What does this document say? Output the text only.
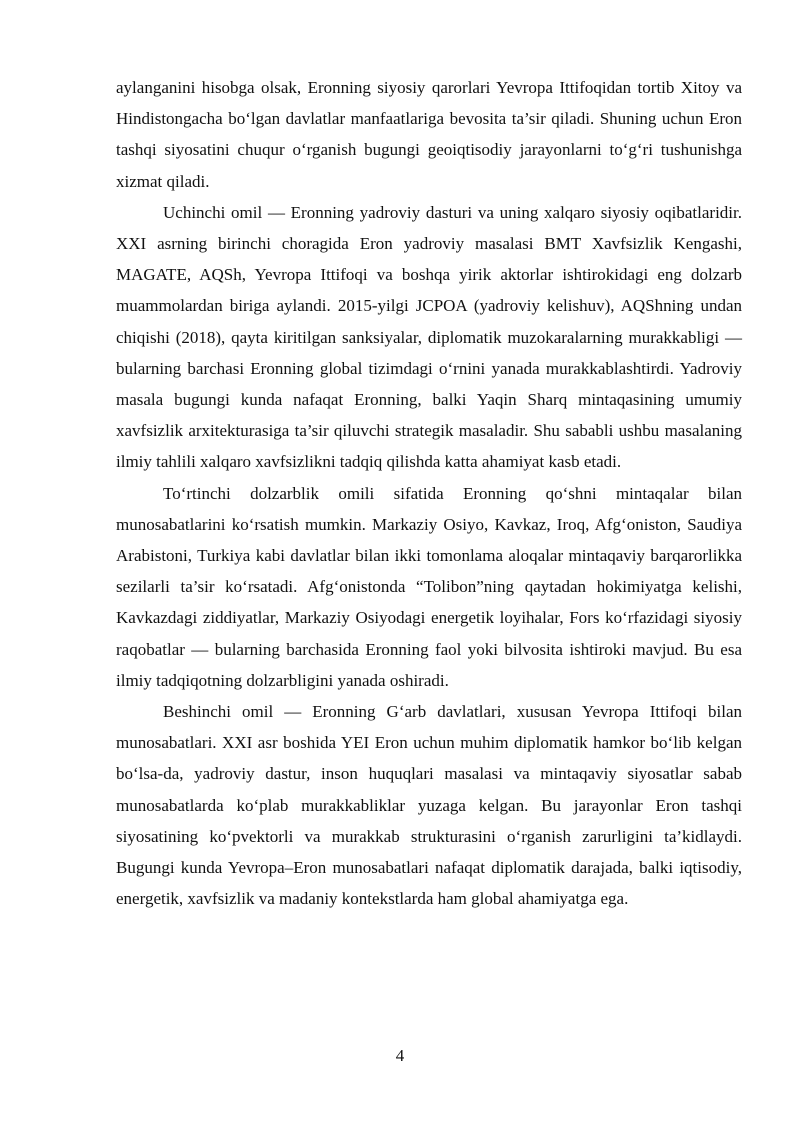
aylanganini hisobga olsak, Eronning siyosiy qarorlari Yevropa Ittifoqidan tortib Xitoy va Hindistongacha bo‘lgan davlatlar manfaatlariga bevosita ta’sir qiladi. Shuning uchun Eron tashqi siyosatini chuqur o‘rganish bugungi geoiqtisodiy jarayonlarni to‘g‘ri tushunishga xizmat qiladi.

Uchinchi omil — Eronning yadroviy dasturi va uning xalqaro siyosiy oqibatlaridir. XXI asrning birinchi choragida Eron yadroviy masalasi BMT Xavfsizlik Kengashi, MAGATE, AQSh, Yevropa Ittifoqi va boshqa yirik aktorlar ishtirokidagi eng dolzarb muammolardan biriga aylandi. 2015-yilgi JCPOA (yadroviy kelishuv), AQShning undan chiqishi (2018), qayta kiritilgan sanksiyalar, diplomatik muzokaralarning murakkabligi — bularning barchasi Eronning global tizimdagi o‘rnini yanada murakkablashtirdi. Yadroviy masala bugungi kunda nafaqat Eronning, balki Yaqin Sharq mintaqasining umumiy xavfsizlik arxitekturasiga ta’sir qiluvchi strategik masaladir. Shu sababli ushbu masalaning ilmiy tahlili xalqaro xavfsizlikni tadqiq qilishda katta ahamiyat kasb etadi.

To‘rtinchi dolzarblik omili sifatida Eronning qo‘shni mintaqalar bilan munosabatlarini ko‘rsatish mumkin. Markaziy Osiyo, Kavkaz, Iroq, Afg‘oniston, Saudiya Arabistoni, Turkiya kabi davlatlar bilan ikki tomonlama aloqalar mintaqaviy barqarorlikka sezilarli ta’sir ko‘rsatadi. Afg‘onistonda “Tolibon”ning qaytadan hokimiyatga kelishi, Kavkazdagi ziddiyatlar, Markaziy Osiyodagi energetik loyihalar, Fors ko‘rfazidagi siyosiy raqobatlar — bularning barchasida Eronning faol yoki bilvosita ishtiroki mavjud. Bu esa ilmiy tadqiqotning dolzarbligini yanada oshiradi.

Beshinchi omil — Eronning G‘arb davlatlari, xususan Yevropa Ittifoqi bilan munosabatlari. XXI asr boshida YEI Eron uchun muhim diplomatik hamkor bo‘lib kelgan bo‘lsa-da, yadroviy dastur, inson huquqlari masalasi va mintaqaviy siyosatlar sabab munosabatlarda ko‘plab murakkabliklar yuzaga kelgan. Bu jarayonlar Eron tashqi siyosatining ko‘pvektorli va murakkab strukturasini o‘rganish zarurligini ta’kidlaydi. Bugungi kunda Yevropa–Eron munosabatlari nafaqat diplomatik darajada, balki iqtisodiy, energetik, xavfsizlik va madaniy kontekstlarda ham global ahamiyatga ega.

4
